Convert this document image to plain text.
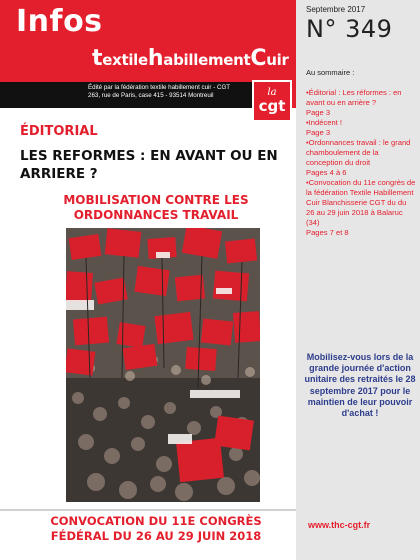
Infos
textilehabillementCuir
Édité par la fédération textile habillement cuir - CGT
263, rue de Paris, case 415 - 93514 Montreuil	la
cgt
Septembre 2017
N° 349
Au sommaire :
•Éditorial : Les réformes : en avant ou en arrière ?
Page 3
•Indécent !
Page 3
•Ordonnances travail : le grand chamboulement de la conception du droit
Pages 4 à 6
•Convocation du 11e congrès de la fédération Textile Habillement Cuir Blanchisserie CGT du du 26 au 29 juin 2018 à Balaruc (34)
Pages 7 et 8
Mobilisez-vous lors de la grande journée d'action unitaire des retraités le 28 septembre 2017 pour le maintien de leur pouvoir d'achat !
www.thc-cgt.fr
ÉDITORIAL
LES REFORMES : EN AVANT OU EN ARRIERE ?
MOBILISATION CONTRE LES ORDONNANCES TRAVAIL
CONVOCATION DU 11E CONGRÈS
FÉDÉRAL DU 26 AU 29 JUIN 2018
